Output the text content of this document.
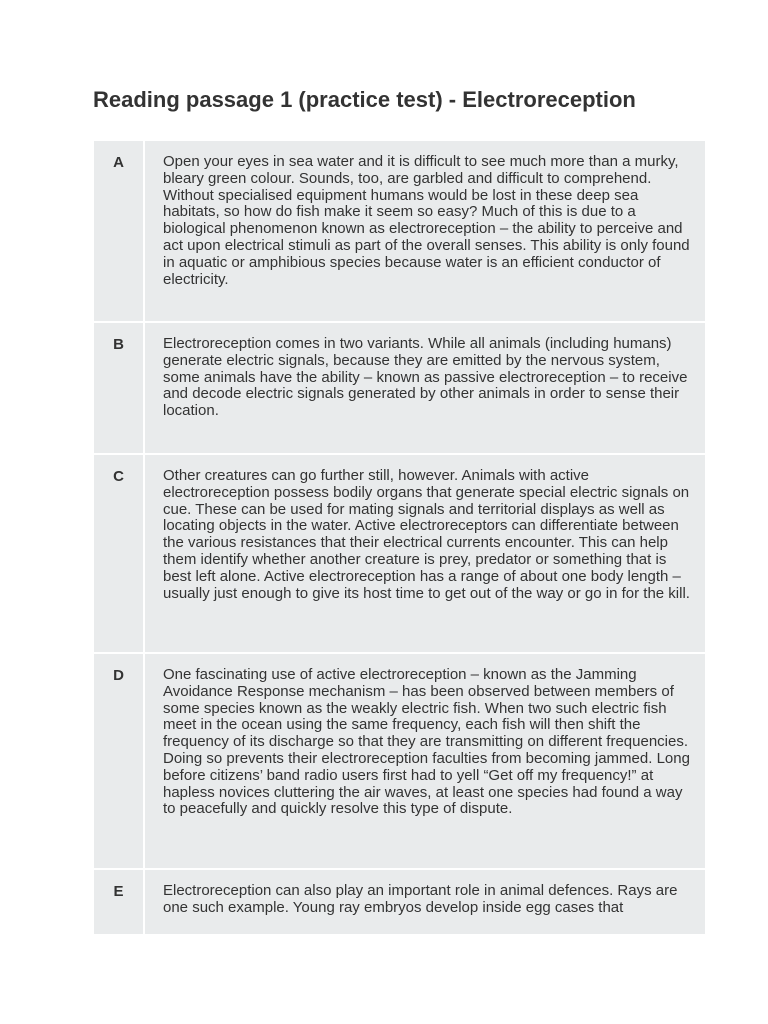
Reading passage 1 (practice test) - Electroreception
A	Open your eyes in sea water and it is difficult to see much more than a murky, bleary green colour. Sounds, too, are garbled and difficult to comprehend. Without specialised equipment humans would be lost in these deep sea habitats, so how do fish make it seem so easy? Much of this is due to a biological phenomenon known as electroreception – the ability to perceive and act upon electrical stimuli as part of the overall senses. This ability is only found in aquatic or amphibious species because water is an efficient conductor of electricity.
B	Electroreception comes in two variants. While all animals (including humans) generate electric signals, because they are emitted by the nervous system, some animals have the ability – known as passive electroreception – to receive and decode electric signals generated by other animals in order to sense their location.
C	Other creatures can go further still, however. Animals with active electroreception possess bodily organs that generate special electric signals on cue. These can be used for mating signals and territorial displays as well as locating objects in the water. Active electroreceptors can differentiate between the various resistances that their electrical currents encounter. This can help them identify whether another creature is prey, predator or something that is best left alone. Active electroreception has a range of about one body length – usually just enough to give its host time to get out of the way or go in for the kill.
D	One fascinating use of active electroreception – known as the Jamming Avoidance Response mechanism – has been observed between members of some species known as the weakly electric fish. When two such electric fish meet in the ocean using the same frequency, each fish will then shift the frequency of its discharge so that they are transmitting on different frequencies. Doing so prevents their electroreception faculties from becoming jammed. Long before citizens’ band radio users first had to yell “Get off my frequency!” at hapless novices cluttering the air waves, at least one species had found a way to peacefully and quickly resolve this type of dispute.
E	Electroreception can also play an important role in animal defences. Rays are one such example. Young ray embryos develop inside egg cases that
